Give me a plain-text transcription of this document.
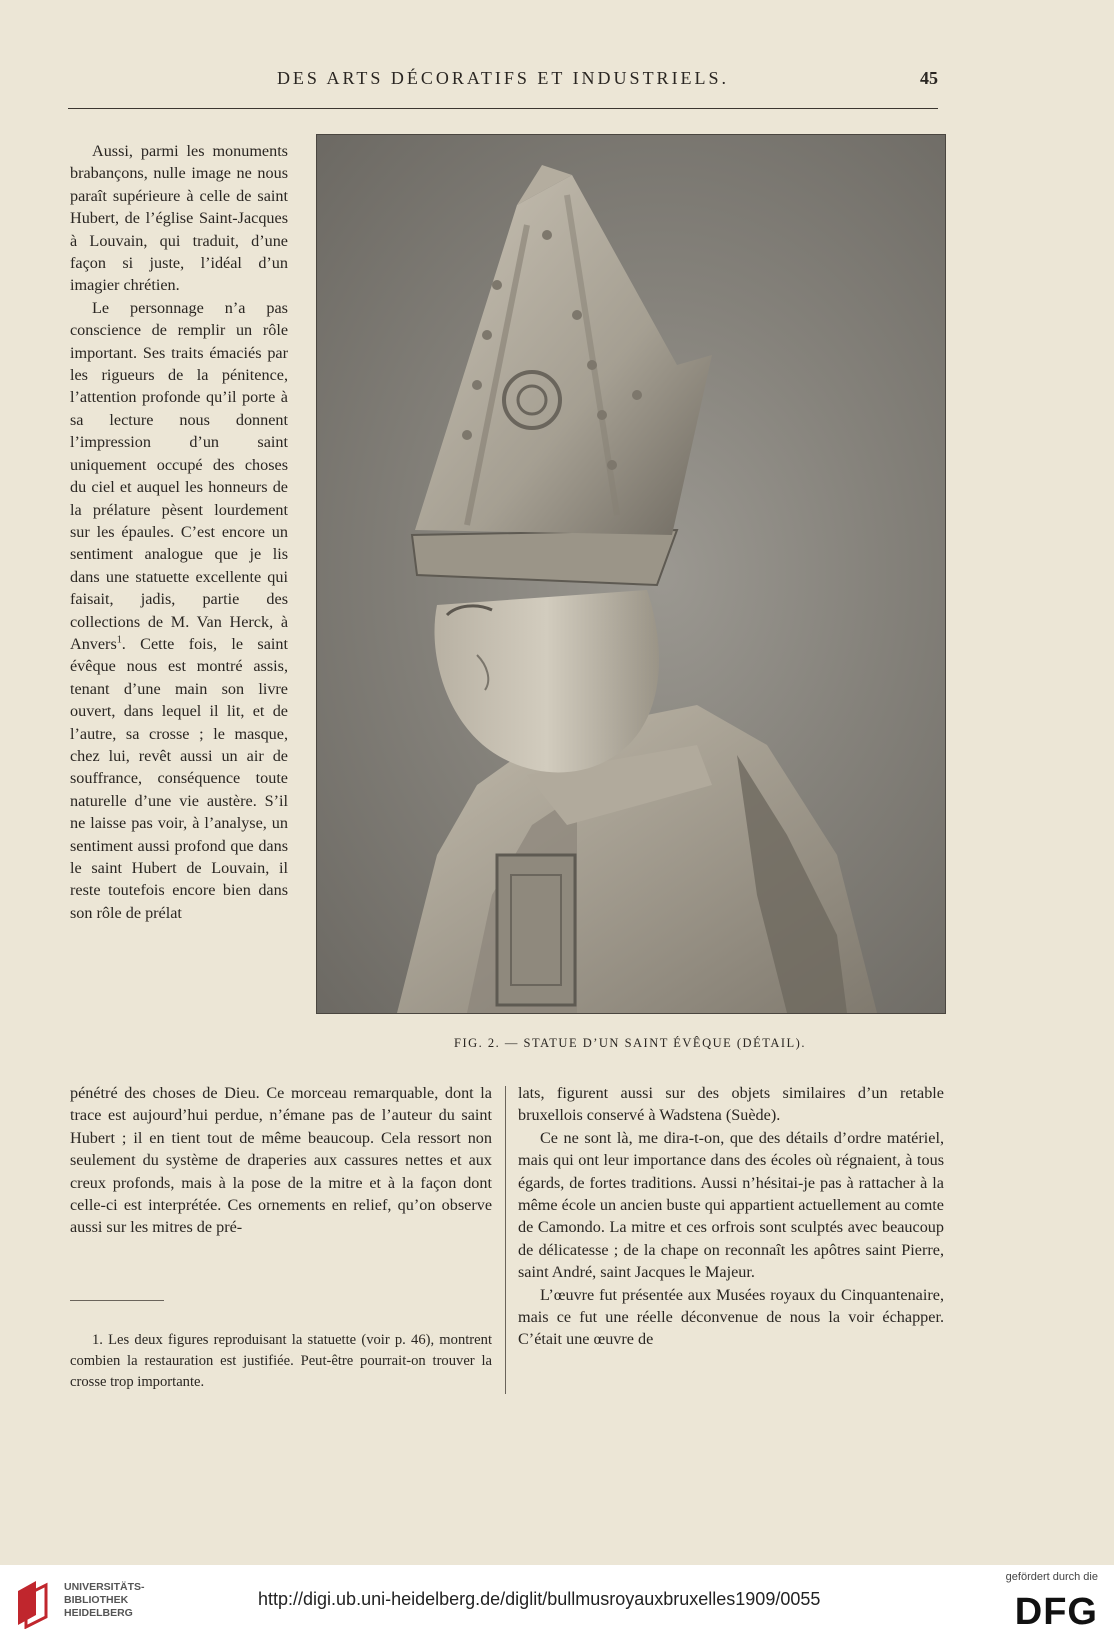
DES ARTS DÉCORATIFS ET INDUSTRIELS.	45

Aussi, parmi les monuments brabançons, nulle image ne nous paraît supérieure à celle de saint Hubert, de l’église Saint-Jacques à Louvain, qui traduit, d’une façon si juste, l’idéal d’un imagier chrétien.

Le personnage n’a pas conscience de remplir un rôle important. Ses traits émaciés par les rigueurs de la pénitence, l’attention profonde qu’il porte à sa lecture nous donnent l’impression d’un saint uniquement occupé des choses du ciel et auquel les honneurs de la prélature pèsent lourdement sur les épaules. C’est encore un sentiment analogue que je lis dans une statuette excellente qui faisait, jadis, partie des collections de M. Van Herck, à Anvers$^1$. Cette fois, le saint évêque nous est montré assis, tenant d’une main son livre ouvert, dans lequel il lit, et de l’autre, sa crosse ; le masque, chez lui, revêt aussi un air de souffrance, conséquence toute naturelle d’une vie austère. S’il ne laisse pas voir, à l’analyse, un sentiment aussi profond que dans le saint Hubert de Louvain, il reste toutefois encore bien dans son rôle de prélat

FIG. 2. — STATUE D’UN SAINT ÉVÊQUE (DÉTAIL).

pénétré des choses de Dieu. Ce morceau remarquable, dont la trace est aujourd’hui perdue, n’émane pas de l’auteur du saint Hubert ; il en tient tout de même beaucoup. Cela ressort non seulement du système de draperies aux cassures nettes et aux creux profonds, mais à la pose de la mitre et à la façon dont celle-ci est interprétée. Ces ornements en relief, qu’on observe aussi sur les mitres de pré-

lats, figurent aussi sur des objets similaires d’un retable bruxellois conservé à Wadstena (Suède).

Ce ne sont là, me dira-t-on, que des détails d’ordre matériel, mais qui ont leur importance dans des écoles où régnaient, à tous égards, de fortes traditions. Aussi n’hésitai-je pas à rattacher à la même école un ancien buste qui appartient actuellement au comte de Camondo. La mitre et ces orfrois sont sculptés avec beaucoup de délicatesse ; de la chape on reconnaît les apôtres saint Pierre, saint André, saint Jacques le Majeur.

L’œuvre fut présentée aux Musées royaux du Cinquantenaire, mais ce fut une réelle déconvenue de nous la voir échapper. C’était une œuvre de

1. Les deux figures reproduisant la statuette (voir p. 46), montrent combien la restauration est justifiée. Peut-être pourrait-on trouver la crosse trop importante.

UNIVERSITÄTS-
BIBLIOTHEK
HEIDELBERG
http://digi.ub.uni-heidelberg.de/diglit/bullmusroyauxbruxelles1909/0055
gefördert durch die
DFG
